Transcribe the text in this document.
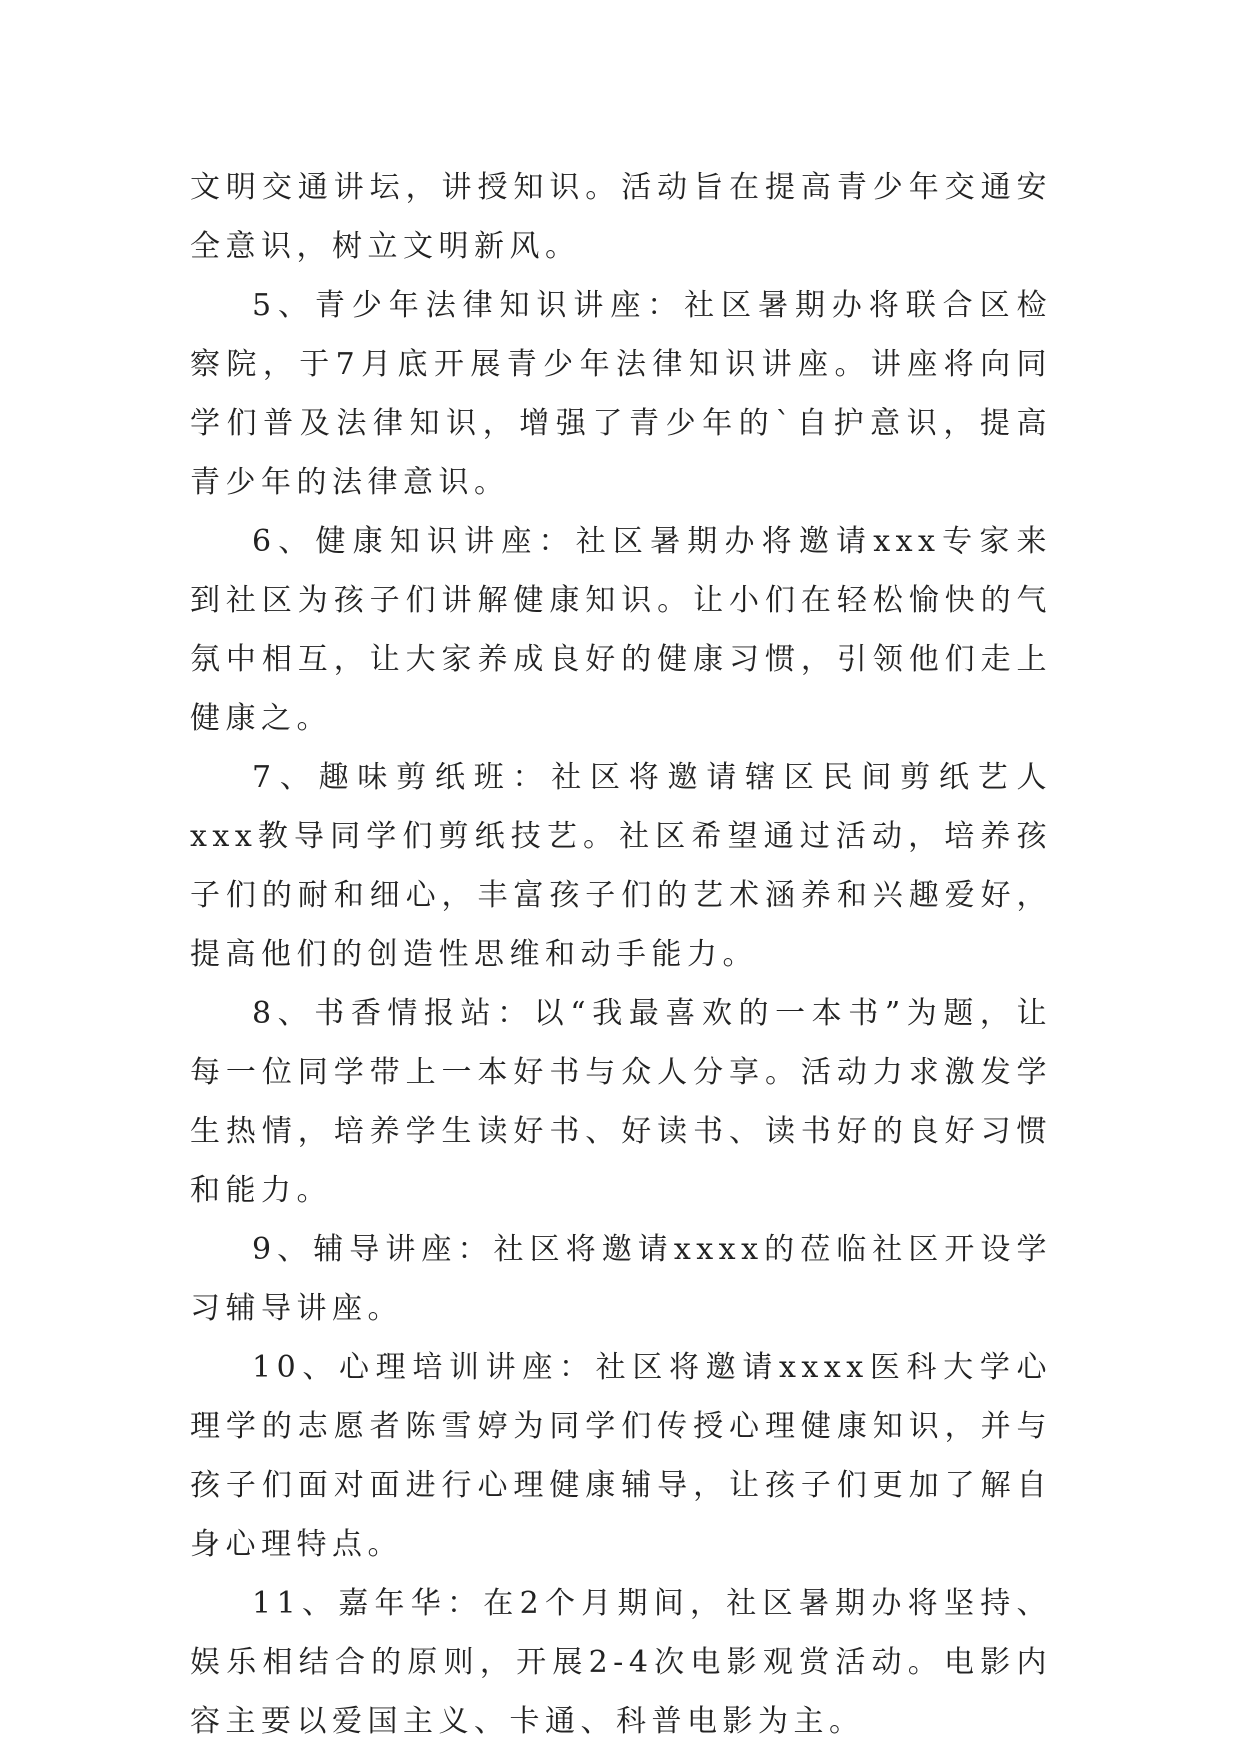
文明交通讲坛，讲授知识。活动旨在提高青少年交通安全意识，树立文明新风。

5、青少年法律知识讲座：社区暑期办将联合区检察院，于7月底开展青少年法律知识讲座。讲座将向同学们普及法律知识，增强了青少年的`自护意识，提高青少年的法律意识。

6、健康知识讲座：社区暑期办将邀请xxx专家来到社区为孩子们讲解健康知识。让小们在轻松愉快的气氛中相互，让大家养成良好的健康习惯，引领他们走上健康之。

7、趣味剪纸班：社区将邀请辖区民间剪纸艺人xxx教导同学们剪纸技艺。社区希望通过活动，培养孩子们的耐和细心，丰富孩子们的艺术涵养和兴趣爱好，提高他们的创造性思维和动手能力。

8、书香情报站：以“我最喜欢的一本书”为题，让每一位同学带上一本好书与众人分享。活动力求激发学生热情，培养学生读好书、好读书、读书好的良好习惯和能力。

9、辅导讲座：社区将邀请xxxx的莅临社区开设学习辅导讲座。

10、心理培训讲座：社区将邀请xxxx医科大学心理学的志愿者陈雪婷为同学们传授心理健康知识，并与孩子们面对面进行心理健康辅导，让孩子们更加了解自身心理特点。

11、嘉年华：在2个月期间，社区暑期办将坚持、娱乐相结合的原则，开展2-4次电影观赏活动。电影内容主要以爱国主义、卡通、科普电影为主。
